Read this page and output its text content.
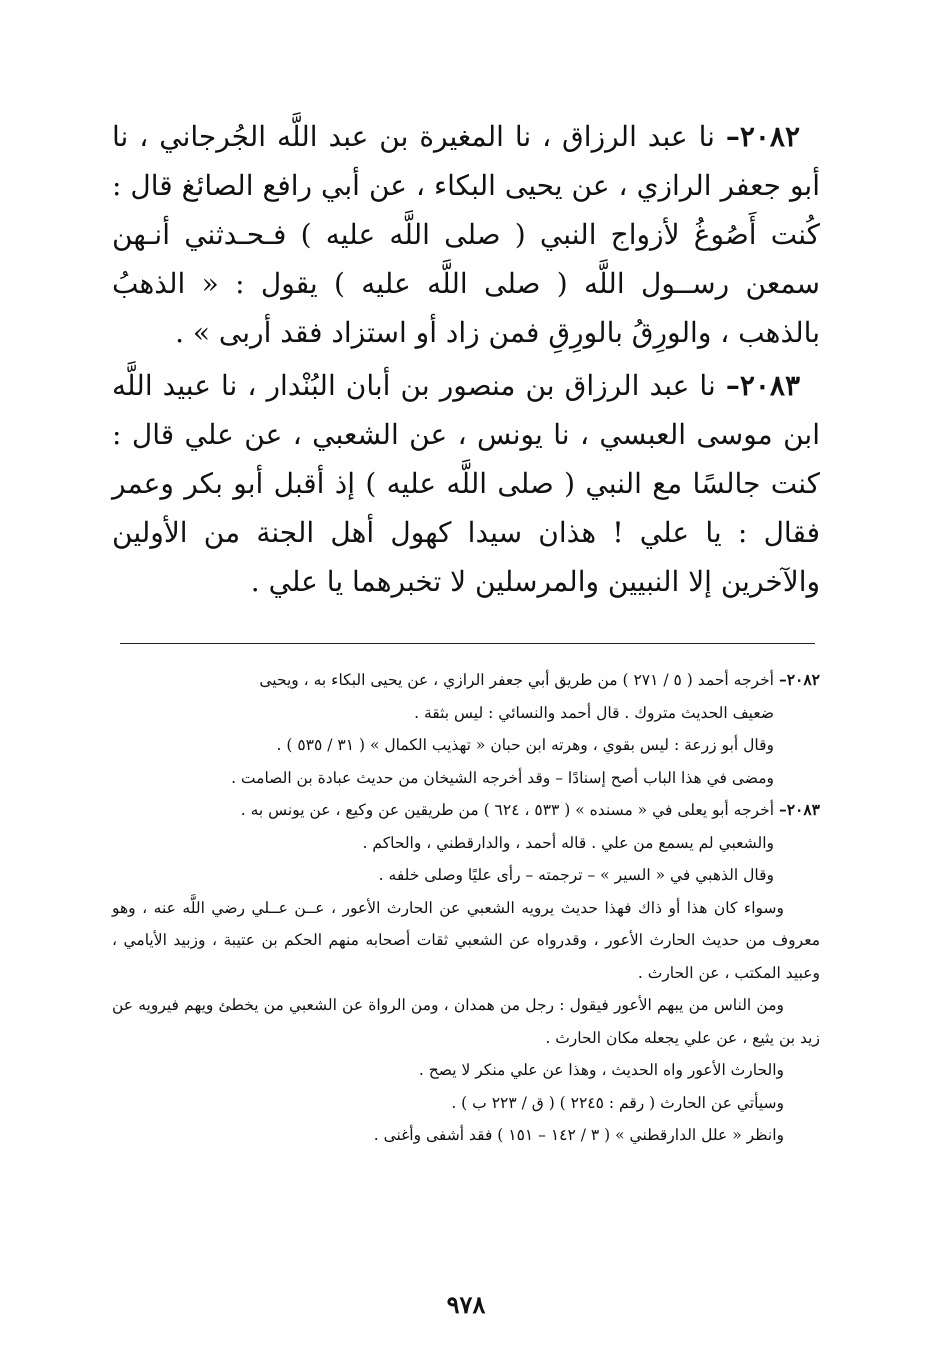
٢٠٨٢– نا عبد الرزاق ، نا المغيرة بن عبد اللَّه الجُرجاني ، نا أبو جعفر الرازي ، عن يحيى البكاء ، عن أبي رافع الصائغ قال : كُنت أَصُوغُ لأزواج النبي ( صلى اللَّه عليه ) فـحـدثني أنـهن سمعن رســول اللَّه ( صلى اللَّه عليه ) يقول : « الذهبُ بالذهب ، والورِقُ بالورِقِ فمن زاد أو استزاد فقد أربى » .

٢٠٨٣– نا عبد الرزاق بن منصور بن أبان البُنْدار ، نا عبيد اللَّه ابن موسى العبسي ، نا يونس ، عن الشعبي ، عن علي قال : كنت جالسًا مع النبي ( صلى اللَّه عليه ) إذ أقبل أبو بكر وعمر فقال : يا علي ! هذان سيدا كهول أهل الجنة من الأولين والآخرين إلا النبيين والمرسلين لا تخبرهما يا علي .

٢٠٨٢– أخرجه أحمد ( ٥ / ٢٧١ ) من طريق أبي جعفر الرازي ، عن يحيى البكاء به ، ويحيى

ضعيف الحديث متروك . قال أحمد والنسائي : ليس بثقة .

وقال أبو زرعة : ليس بقوي ، وهرته ابن حبان « تهذيب الكمال » ( ٣١ / ٥٣٥ ) .

ومضى في هذا الباب أصح إسنادًا – وقد أخرجه الشيخان من حديث عبادة بن الصامت .

٢٠٨٣– أخرجه أبو يعلى في « مسنده » ( ٥٣٣ ، ٦٢٤ ) من طريقين عن وكيع ، عن يونس به .

والشعبي لم يسمع من علي . قاله أحمد ، والدارقطني ، والحاكم .

وقال الذهبي في « السير » – ترجمته – رأى عليًا وصلى خلفه .

وسواء كان هذا أو ذاك فهذا حديث يرويه الشعبي عن الحارث الأعور ، عــن عــلي رضي اللَّه عنه ، وهو معروف من حديث الحارث الأعور ، وقدرواه عن الشعبي ثقات أصحابه منهم الحكم بن عتيبة ، وزبيد الأيامي ، وعبيد المكتب ، عن الحارث .

ومن الناس من يبهم الأعور فيقول : رجل من همدان ، ومن الرواة عن الشعبي من يخطئ ويهم فيرويه عن زيد بن يثيع ، عن علي يجعله مكان الحارث .

والحارث الأعور واه الحديث ، وهذا عن علي منكر لا يصح .

وسيأتي عن الحارث ( رقم : ٢٢٤٥ ) ( ق / ٢٢٣ ب ) .

وانظر « علل الدارقطني » ( ٣ / ١٤٢ – ١٥١ ) فقد أشفى وأغنى .

٩٧٨
